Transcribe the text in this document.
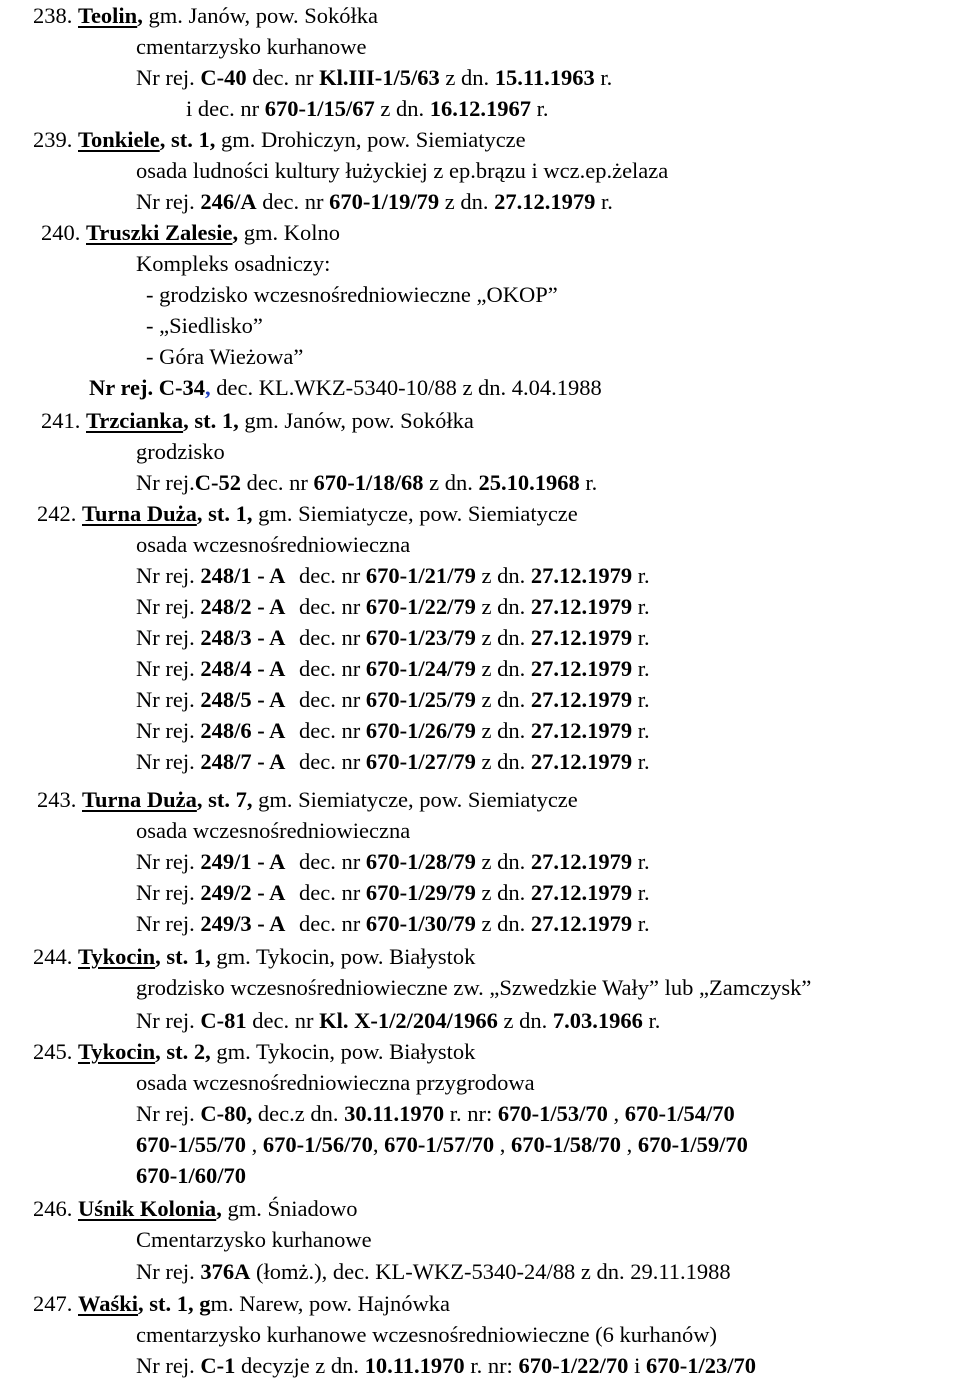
238. Teolin, gm. Janów, pow. Sokółka
cmentarzysko kurhanowe
Nr rej. C-40 dec. nr Kl.III-1/5/63 z dn. 15.11.1963 r.
i dec. nr 670-1/15/67 z dn. 16.12.1967 r.
239. Tonkiele, st. 1, gm. Drohiczyn, pow. Siemiatycze
osada ludności kultury łużyckiej z ep.brązu i wcz.ep.żelaza
Nr rej. 246/A dec. nr 670-1/19/79 z dn. 27.12.1979 r.
240. Truszki Zalesie, gm. Kolno
Kompleks osadniczy:
- grodzisko wczesnośredniowieczne „OKOP”
- „Siedlisko”
- Góra Wieżowa”
Nr rej. C-34, dec. KL.WKZ-5340-10/88 z dn. 4.04.1988
241. Trzcianka, st. 1, gm. Janów, pow. Sokółka
grodzisko
Nr rej.C-52 dec. nr 670-1/18/68 z dn. 25.10.1968 r.
242. Turna Duża, st. 1, gm. Siemiatycze, pow. Siemiatycze
osada wczesnośredniowieczna
Nr rej. 248/1 - A dec. nr 670-1/21/79 z dn. 27.12.1979 r.
Nr rej. 248/2 - A dec. nr 670-1/22/79 z dn. 27.12.1979 r.
Nr rej. 248/3 - A dec. nr 670-1/23/79 z dn. 27.12.1979 r.
Nr rej. 248/4 - A dec. nr 670-1/24/79 z dn. 27.12.1979 r.
Nr rej. 248/5 - A dec. nr 670-1/25/79 z dn. 27.12.1979 r.
Nr rej. 248/6 - A dec. nr 670-1/26/79 z dn. 27.12.1979 r.
Nr rej. 248/7 - A dec. nr 670-1/27/79 z dn. 27.12.1979 r.
243. Turna Duża, st. 7, gm. Siemiatycze, pow. Siemiatycze
osada wczesnośredniowieczna
Nr rej. 249/1 - A dec. nr 670-1/28/79 z dn. 27.12.1979 r.
Nr rej. 249/2 - A dec. nr 670-1/29/79 z dn. 27.12.1979 r.
Nr rej. 249/3 - A dec. nr 670-1/30/79 z dn. 27.12.1979 r.
244. Tykocin, st. 1, gm. Tykocin, pow. Białystok
grodzisko wczesnośredniowieczne zw. „Szwedzkie Wały” lub „Zamczysk”
Nr rej. C-81 dec. nr Kl. X-1/2/204/1966 z dn. 7.03.1966 r.
245. Tykocin, st. 2, gm. Tykocin, pow. Białystok
osada wczesnośredniowieczna przygrodowa
Nr rej. C-80, dec.z dn. 30.11.1970 r. nr: 670-1/53/70 , 670-1/54/70
670-1/55/70 , 670-1/56/70, 670-1/57/70 , 670-1/58/70 , 670-1/59/70
670-1/60/70
246. Uśnik Kolonia, gm. Śniadowo
Cmentarzysko kurhanowe
Nr rej. 376A (łomż.), dec. KL-WKZ-5340-24/88 z dn. 29.11.1988
247. Waśki, st. 1, gm. Narew, pow. Hajnówka
cmentarzysko kurhanowe wczesnośredniowieczne (6 kurhanów)
Nr rej. C-1 decyzje z dn. 10.11.1970 r. nr: 670-1/22/70 i 670-1/23/70
